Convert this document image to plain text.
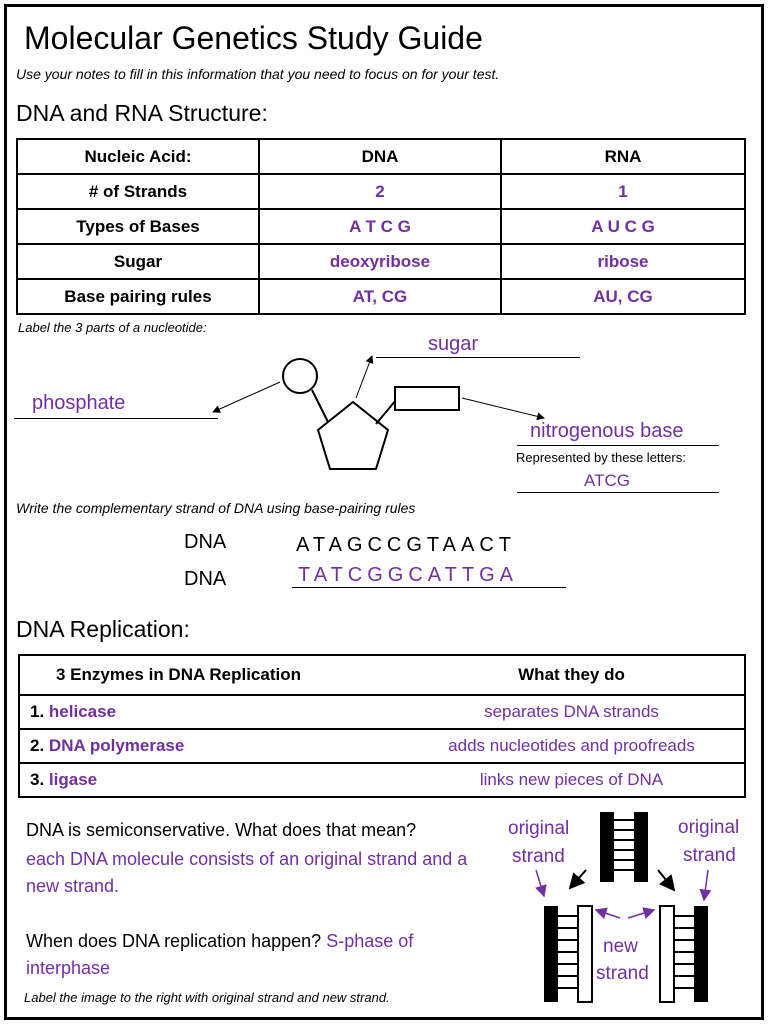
Molecular Genetics Study Guide
Use your notes to fill in this information that you need to focus on for your test.
DNA and RNA Structure:
Nucleic Acid:	DNA	RNA
# of Strands	2	1
Types of Bases	A T C G	A U C G
Sugar	deoxyribose	ribose
Base pairing rules	AT, CG	AU, CG
Label the 3 parts of a nucleotide:
sugar
phosphate
nitrogenous base
Represented by these letters:
ATCG
Write the complementary strand of DNA using base-pairing rules
DNA	ATAGCCGTAACT
DNA	TATCGGCATTGA
DNA Replication:
3 Enzymes in DNA Replication	What they do
1. helicase	separates DNA strands
2. DNA polymerase	adds nucleotides and proofreads
3. ligase	links new pieces of DNA
DNA is semiconservative. What does that mean?
each DNA molecule consists of an original strand and a new strand.
When does DNA replication happen? S-phase of interphase
Label the image to the right with original strand and new strand.
original
strand
original
strand
new
strand
